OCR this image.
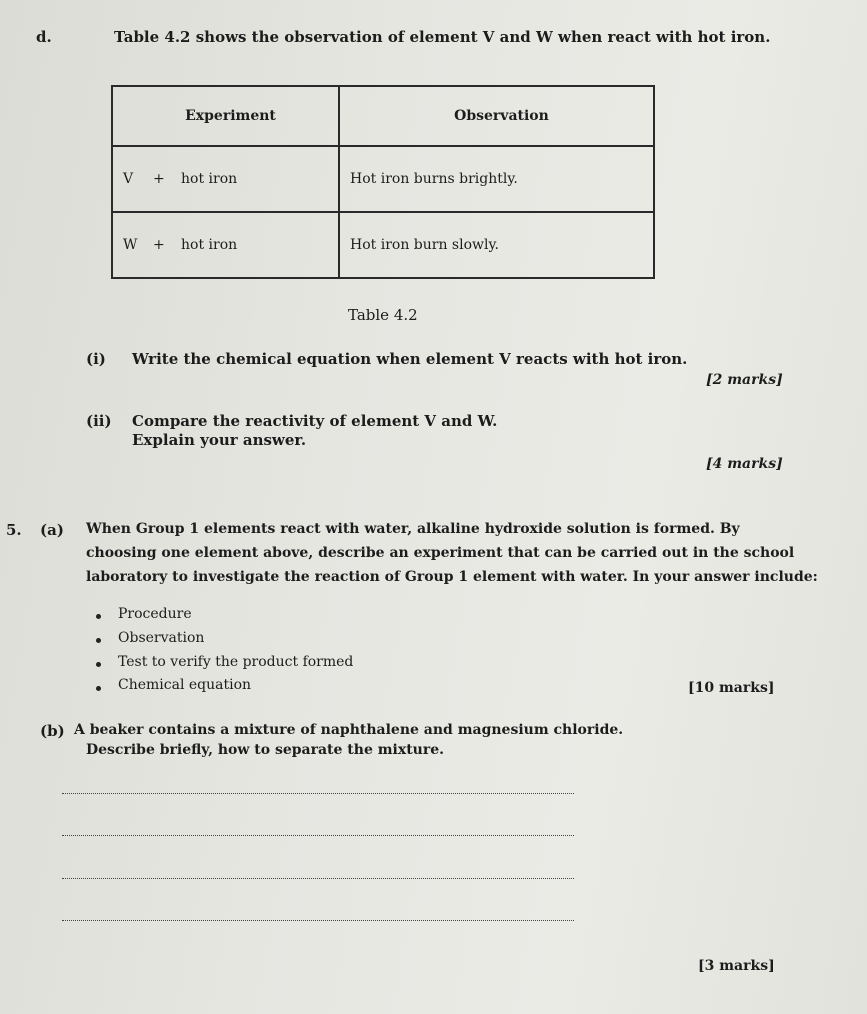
d.	Table 4.2 shows the observation of element V and W when react with hot iron.
Experiment	Observation
V + hot iron	Hot iron burns brightly.
W + hot iron	Hot iron burn slowly.
Table 4.2
(i) Write the chemical equation when element V reacts with hot iron.
[2 marks]
(ii) Compare the reactivity of element V and W.
Explain your answer.
[4 marks]
5. (a) When Group 1 elements react with water, alkaline hydroxide solution is formed. By
choosing one element above, describe an experiment that can be carried out in the school
laboratory to investigate the reaction of Group 1 element with water. In your answer include:
Procedure
Observation
Test to verify the product formed
Chemical equation	[10 marks]
(b) A beaker contains a mixture of naphthalene and magnesium chloride.
Describe briefly, how to separate the mixture.
[3 marks]
